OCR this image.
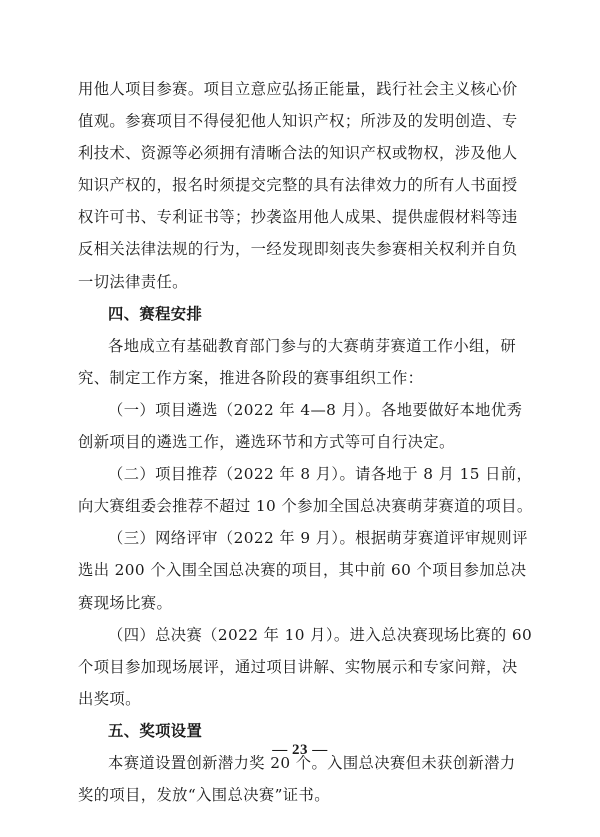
用他人项目参赛。项目立意应弘扬正能量，践行社会主义核心价

值观。参赛项目不得侵犯他人知识产权；所涉及的发明创造、专

利技术、资源等必须拥有清晰合法的知识产权或物权，涉及他人

知识产权的，报名时须提交完整的具有法律效力的所有人书面授

权许可书、专利证书等；抄袭盗用他人成果、提供虚假材料等违

反相关法律法规的行为，一经发现即刻丧失参赛相关权利并自负

一切法律责任。

四、赛程安排

各地成立有基础教育部门参与的大赛萌芽赛道工作小组，研

究、制定工作方案，推进各阶段的赛事组织工作：

（一）项目遴选（2022 年 4—8 月）。各地要做好本地优秀

创新项目的遴选工作，遴选环节和方式等可自行决定。

（二）项目推荐（2022 年 8 月）。请各地于 8 月 15 日前，

向大赛组委会推荐不超过 10 个参加全国总决赛萌芽赛道的项目。

（三）网络评审（2022 年 9 月）。根据萌芽赛道评审规则评

选出 200 个入围全国总决赛的项目，其中前 60 个项目参加总决

赛现场比赛。

（四）总决赛（2022 年 10 月）。进入总决赛现场比赛的 60

个项目参加现场展评，通过项目讲解、实物展示和专家问辩，决

出奖项。

五、奖项设置

本赛道设置创新潜力奖 20 个。入围总决赛但未获创新潜力

奖的项目，发放“入围总决赛”证书。

— 23 —
